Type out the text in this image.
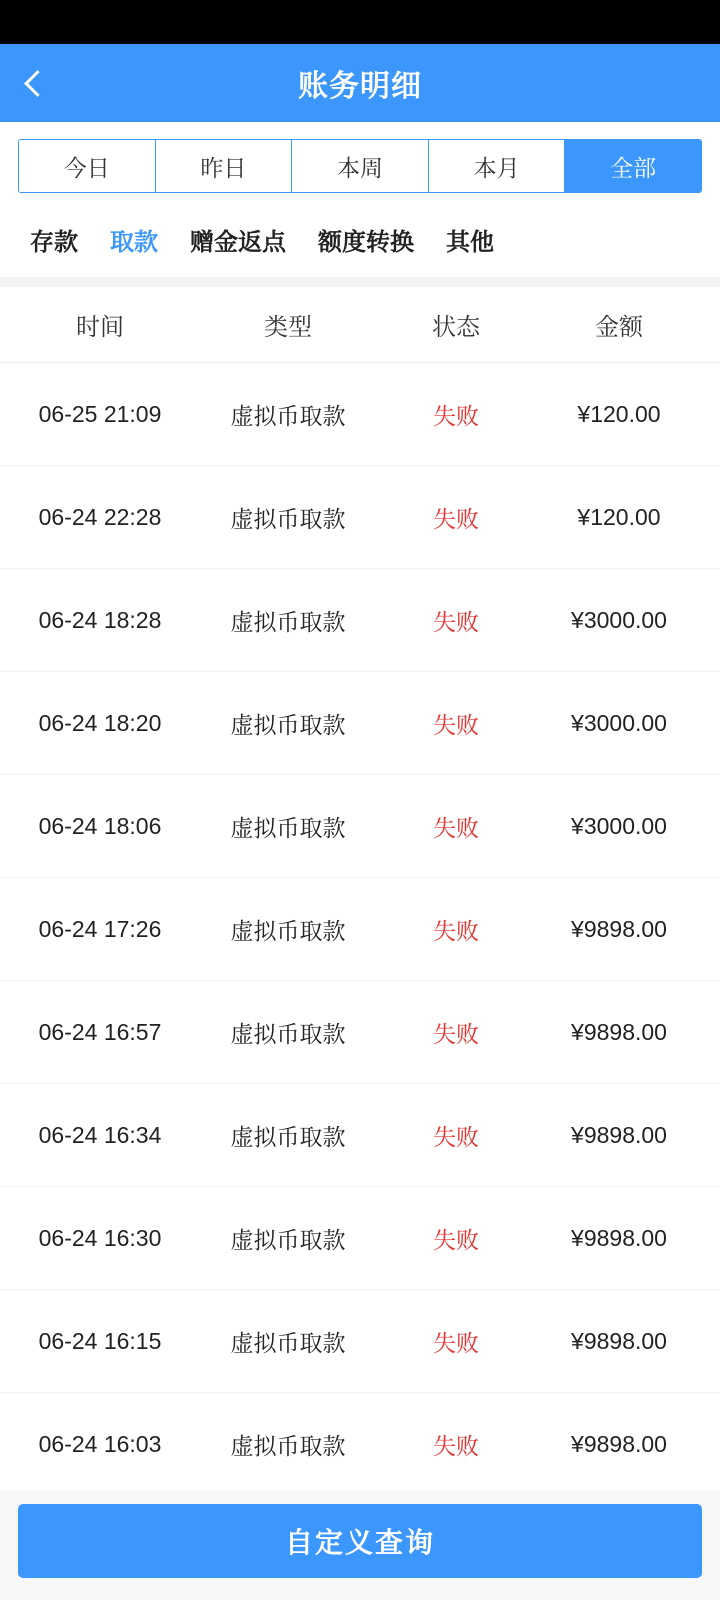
账务明细
今日	昨日	本周	本月	全部
存款	取款	赠金返点	额度转换	其他
时间	类型	状态	金额
06-25 21:09	虚拟币取款	失败	¥120.00
06-24 22:28	虚拟币取款	失败	¥120.00
06-24 18:28	虚拟币取款	失败	¥3000.00
06-24 18:20	虚拟币取款	失败	¥3000.00
06-24 18:06	虚拟币取款	失败	¥3000.00
06-24 17:26	虚拟币取款	失败	¥9898.00
06-24 16:57	虚拟币取款	失败	¥9898.00
06-24 16:34	虚拟币取款	失败	¥9898.00
06-24 16:30	虚拟币取款	失败	¥9898.00
06-24 16:15	虚拟币取款	失败	¥9898.00
06-24 16:03	虚拟币取款	失败	¥9898.00
自定义查询
